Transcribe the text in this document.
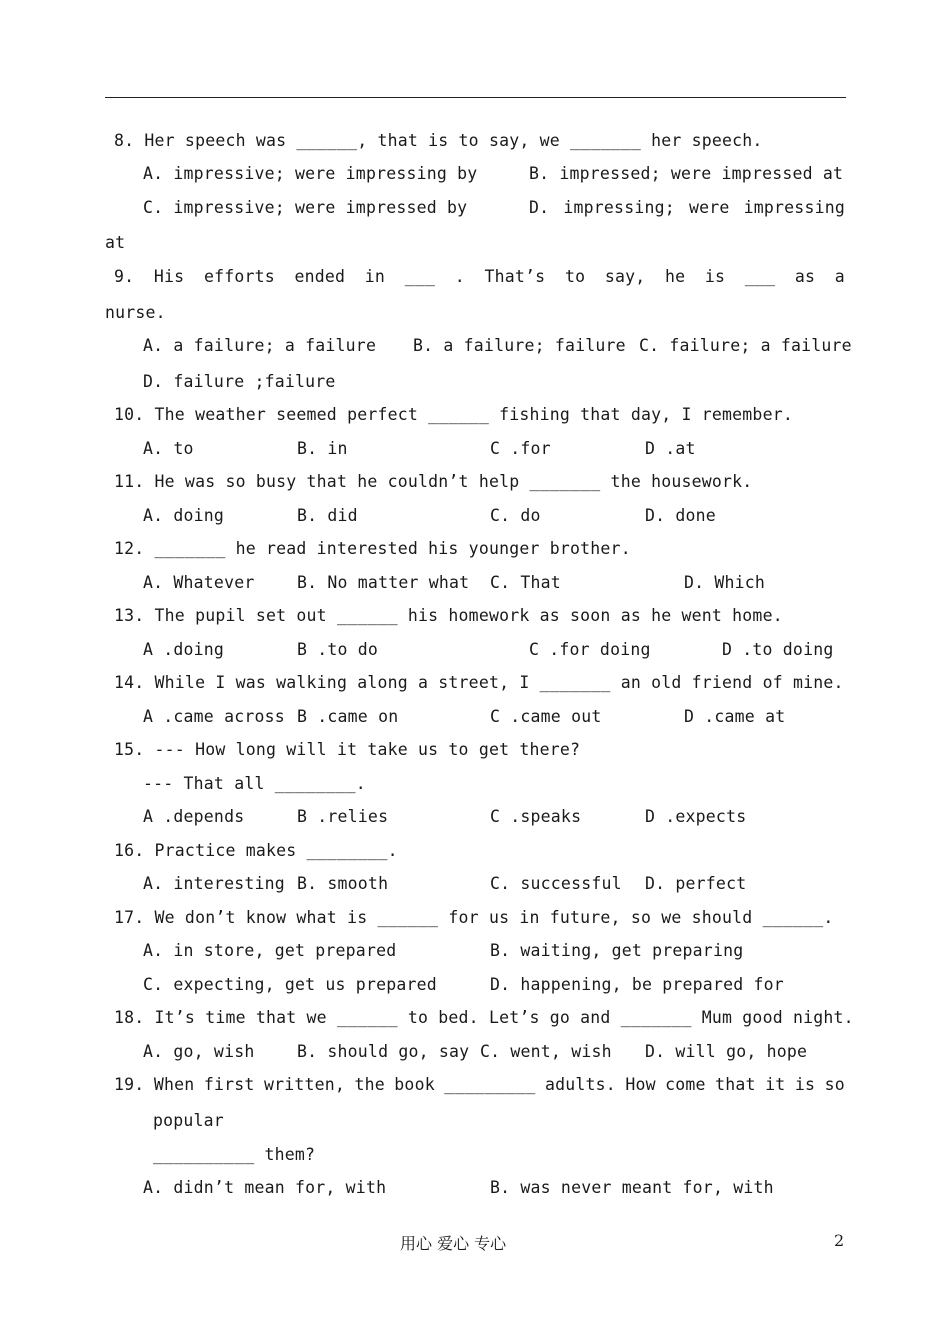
8. Her speech was ______, that is to say, we _______ her speech.
A. impressive; were impressing by	B. impressed; were impressed at
C. impressive; were impressed by	D. impressing; were impressing
at
9. His efforts ended in ___ . That’s to say, he is ___ as a
nurse.
A. a failure; a failure B. a failure; failure C. failure; a failure
D. failure ;failure
10. The weather seemed perfect ______ fishing that day, I remember.
A. to	B. in	C .for	D .at
11. He was so busy that he couldn’t help _______ the housework.
A. doing	B. did	C. do	D. done
12. _______ he read interested his younger brother.
A. Whatever	B. No matter what C. That	D. Which
13. The pupil set out ______ his homework as soon as he went home.
A .doing	B .to do	C .for doing	D .to doing
14. While I was walking along a street, I _______ an old friend of mine.
A .came across B .came on	C .came out	D .came at
15. --- How long will it take us to get there?
--- That all ________.
A .depends	B .relies	C .speaks	D .expects
16. Practice makes ________.
A. interesting B. smooth	C. successful D. perfect
17. We don’t know what is ______ for us in future, so we should ______.
A. in store, get prepared	B. waiting, get preparing
C. expecting, get us prepared	D. happening, be prepared for
18. It’s time that we ______ to bed. Let’s go and _______ Mum good night.
A. go, wish	B. should go, say C. went, wish D. will go, hope
19. When first written, the book _________ adults. How come that it is so
popular
__________ them?
A. didn’t mean for, with	B. was never meant for, with
用心 爱心 专心	2
